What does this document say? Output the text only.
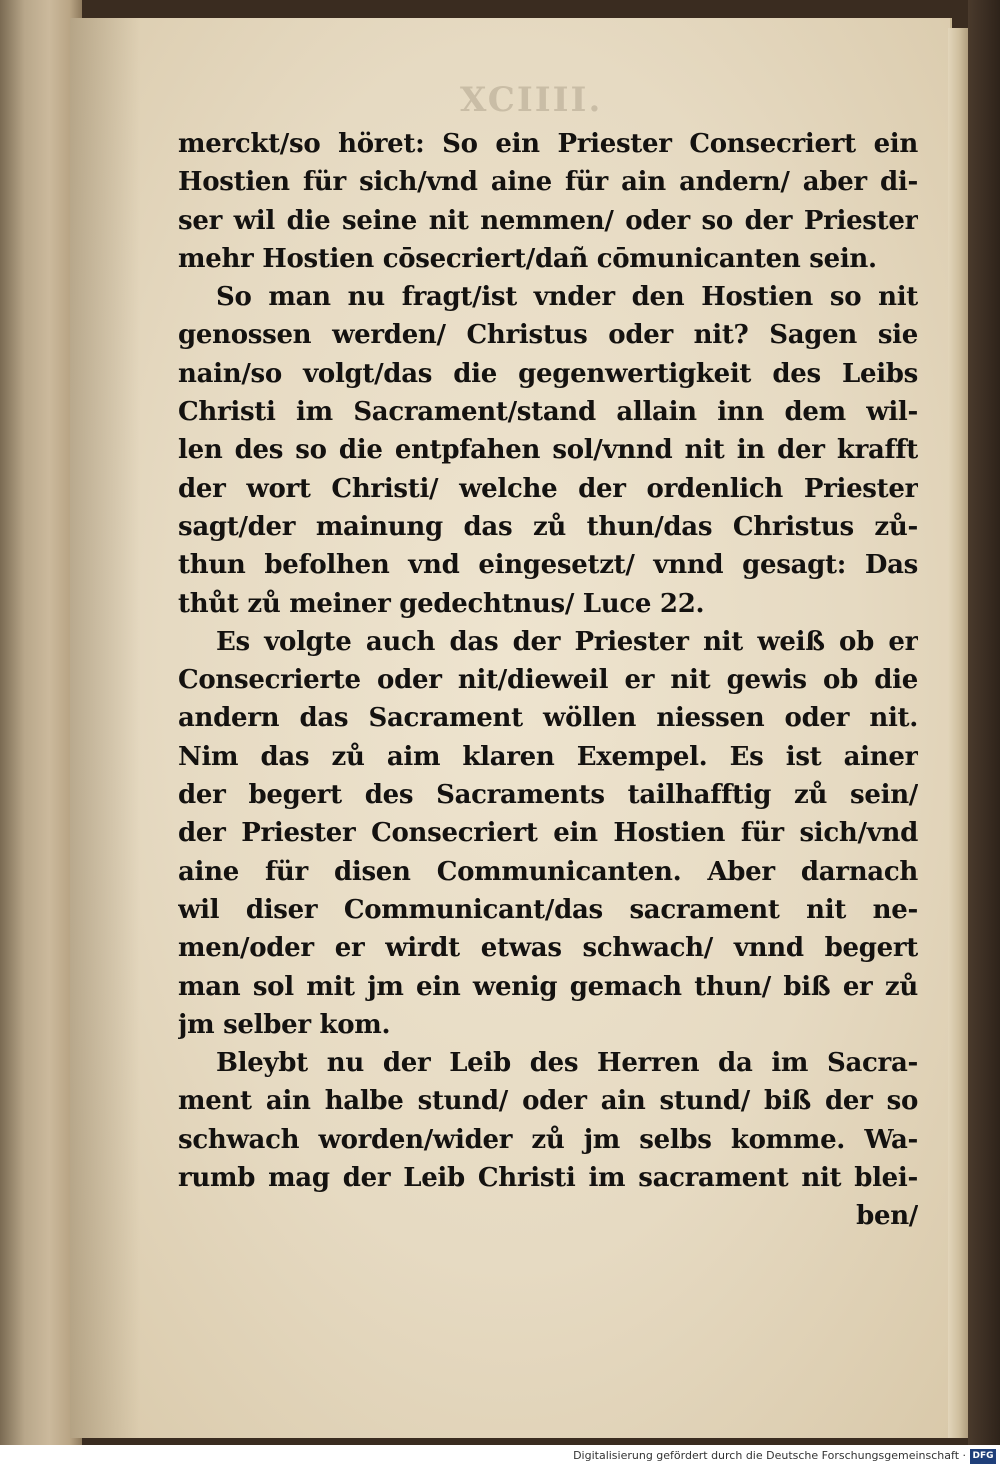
XCIIII.
merckt/so höret: So ein Priester Consecriert ein
Hostien für sich/vnd aine für ain andern/ aber di-
ser wil die seine nit nemmen/ oder so der Priester
mehr Hostien cōsecriert/dañ cōmunicanten sein.
So man nu fragt/ist vnder den Hostien so nit
genossen werden/ Christus oder nit? Sagen sie
nain/so volgt/das die gegenwertigkeit des Leibs
Christi im Sacrament/stand allain inn dem wil-
len des so die entpfahen sol/vnnd nit in der krafft
der wort Christi/ welche der ordenlich Priester
sagt/der mainung das zů thun/das Christus zů-
thun befolhen vnd eingesetzt/ vnnd gesagt: Das
thůt zů meiner gedechtnus/ Luce 22.
Es volgte auch das der Priester nit weiß ob er
Consecrierte oder nit/dieweil er nit gewis ob die
andern das Sacrament wöllen niessen oder nit.
Nim das zů aim klaren Exempel. Es ist ainer
der begert des Sacraments tailhafftig zů sein/
der Priester Consecriert ein Hostien für sich/vnd
aine für disen Communicanten. Aber darnach
wil diser Communicant/das sacrament nit ne-
men/oder er wirdt etwas schwach/ vnnd begert
man sol mit jm ein wenig gemach thun/ biß er zů
jm selber kom.
Bleybt nu der Leib des Herren da im Sacra-
ment ain halbe stund/ oder ain stund/ biß der so
schwach worden/wider zů jm selbs komme. Wa-
rumb mag der Leib Christi im sacrament nit blei-
ben/
Digitalisierung gefördert durch die Deutsche Forschungsgemeinschaft · DFG
